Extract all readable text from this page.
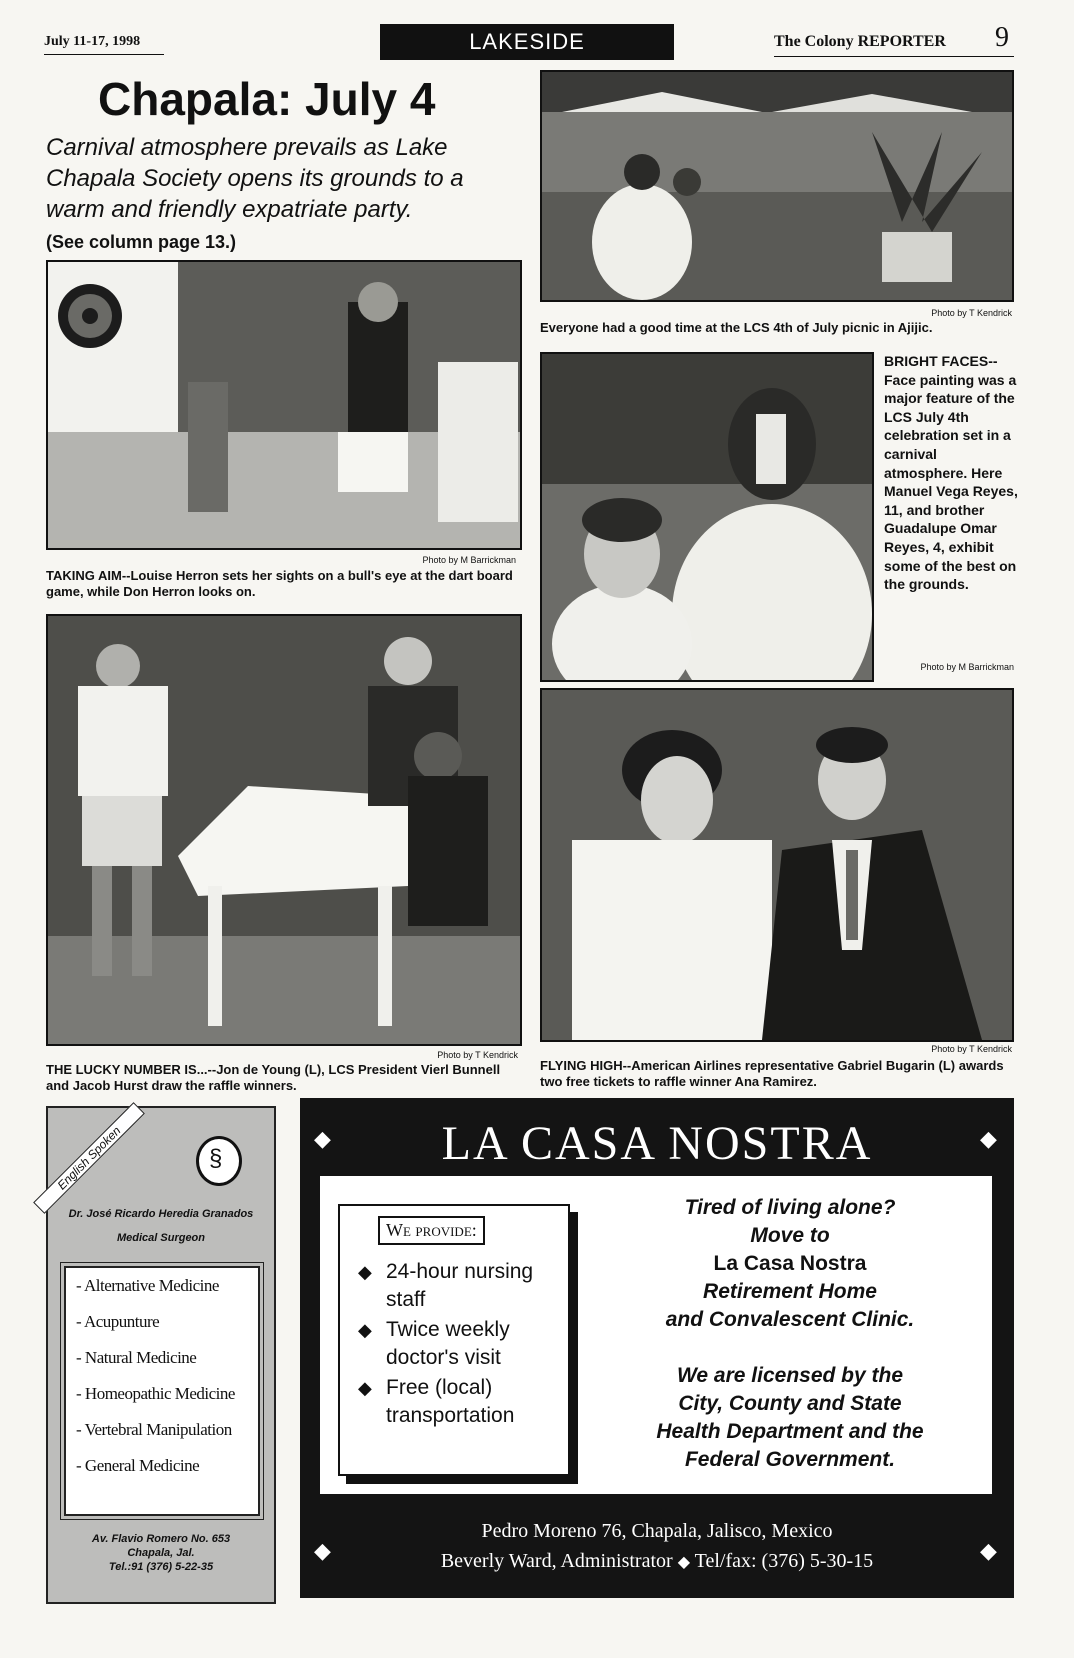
July 11-17, 1998	LAKESIDE	The Colony REPORTER 9
Chapala: July 4
Carnival atmosphere prevails as Lake Chapala Society opens its grounds to a warm and friendly expatriate party.
(See column page 13.)
Photo by T Kendrick
Everyone had a good time at the LCS 4th of July picnic in Ajijic.
Photo by M Barrickman
TAKING AIM--Louise Herron sets her sights on a bull's eye at the dart board game, while Don Herron looks on.
BRIGHT FACES--Face painting was a major feature of the LCS July 4th celebration set in a carnival atmosphere. Here Manuel Vega Reyes, 11, and brother Guadalupe Omar Reyes, 4, exhibit some of the best on the grounds.
Photo by M Barrickman
Photo by T Kendrick
THE LUCKY NUMBER IS...--Jon de Young (L), LCS President Vierl Bunnell and Jacob Hurst draw the raffle winners.
Photo by T Kendrick
FLYING HIGH--American Airlines representative Gabriel Bugarin (L) awards two free tickets to raffle winner Ana Ramirez.
English Spoken
§
Dr. José Ricardo Heredia Granados
Medical Surgeon
- Alternative Medicine
- Acupunture
- Natural Medicine
- Homeopathic Medicine
- Vertebral Manipulation
- General Medicine
Av. Flavio Romero No. 653
Chapala, Jal.
Tel.:91 (376) 5-22-35
◆	◆
LA CASA NOSTRA
We provide:
◆ 24-hour nursing staff
◆ Twice weekly doctor's visit
◆ Free (local) transportation
Tired of living alone?
Move to
La Casa Nostra
Retirement Home
and Convalescent Clinic.
We are licensed by the
City, County and State
Health Department and the
Federal Government.
◆	◆
Pedro Moreno 76, Chapala, Jalisco, Mexico
Beverly Ward, Administrator ◆ Tel/fax: (376) 5-30-15
